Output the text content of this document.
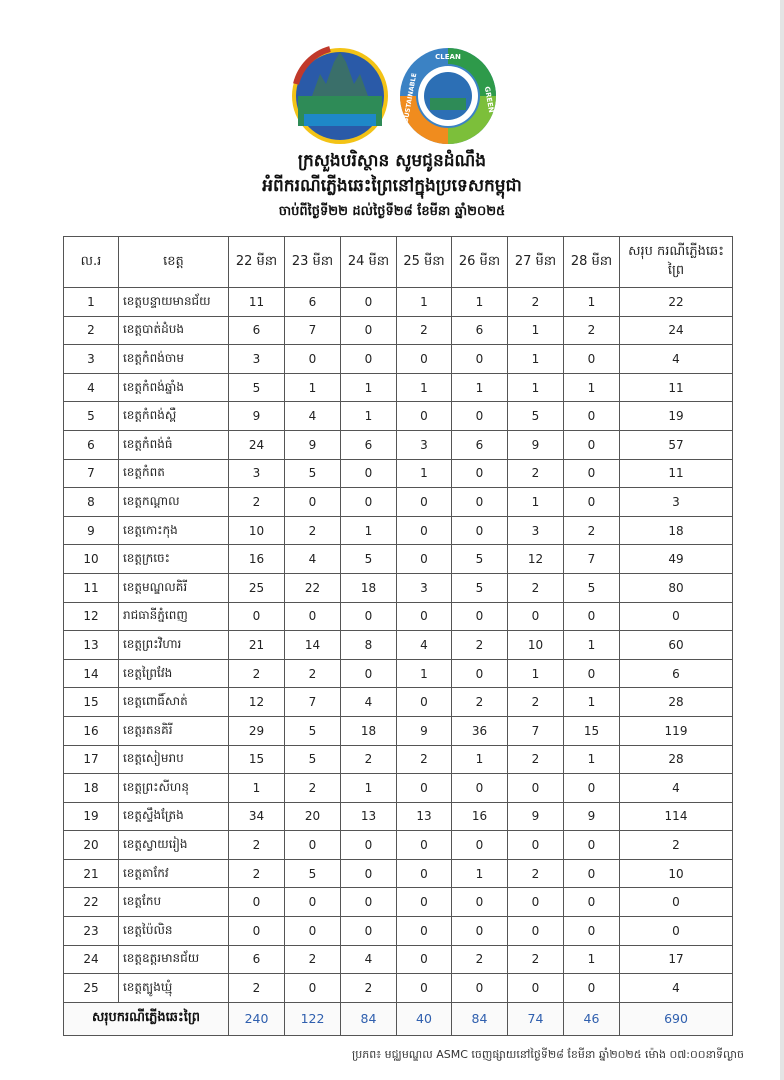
CLEAN
GREEN
SUSTAINABLE
ក្រសួងបរិស្ថាន សូមជូនដំណឹង
អំពីករណីភ្លើងឆេះព្រៃនៅក្នុងប្រទេសកម្ពុជា
ចាប់ពីថ្ងៃទី២២ ដល់ថ្ងៃទី២៨ ខែមីនា ឆ្នាំ២០២៥
ល.រ	ខេត្ត	22 មីនា	23 មីនា	24 មីនា	25 មីនា	26 មីនា	27 មីនា	28 មីនា	សរុប ករណីភ្លើងឆេះព្រៃ
1	ខេត្តបន្ទាយមានជ័យ	11	6	0	1	1	2	1	22
2	ខេត្តបាត់ដំបង	6	7	0	2	6	1	2	24
3	ខេត្តកំពង់ចាម	3	0	0	0	0	1	0	4
4	ខេត្តកំពង់ឆ្នាំង	5	1	1	1	1	1	1	11
5	ខេត្តកំពង់ស្ពឺ	9	4	1	0	0	5	0	19
6	ខេត្តកំពង់ធំ	24	9	6	3	6	9	0	57
7	ខេត្តកំពត	3	5	0	1	0	2	0	11
8	ខេត្តកណ្តាល	2	0	0	0	0	1	0	3
9	ខេត្តកោះកុង	10	2	1	0	0	3	2	18
10	ខេត្តក្រចេះ	16	4	5	0	5	12	7	49
11	ខេត្តមណ្ឌលគិរី	25	22	18	3	5	2	5	80
12	រាជធានីភ្នំពេញ	0	0	0	0	0	0	0	0
13	ខេត្តព្រះវិហារ	21	14	8	4	2	10	1	60
14	ខេត្តព្រៃវែង	2	2	0	1	0	1	0	6
15	ខេត្តពោធិ៍សាត់	12	7	4	0	2	2	1	28
16	ខេត្តរតនគិរី	29	5	18	9	36	7	15	119
17	ខេត្តសៀមរាប	15	5	2	2	1	2	1	28
18	ខេត្តព្រះសីហនុ	1	2	1	0	0	0	0	4
19	ខេត្តស្ទឹងត្រែង	34	20	13	13	16	9	9	114
20	ខេត្តស្វាយរៀង	2	0	0	0	0	0	0	2
21	ខេត្តតាកែវ	2	5	0	0	1	2	0	10
22	ខេត្តកែប	0	0	0	0	0	0	0	0
23	ខេត្តប៉ៃលិន	0	0	0	0	0	0	0	0
24	ខេត្តឧត្តរមានជ័យ	6	2	4	0	2	2	1	17
25	ខេត្តត្បូងឃ្មុំ	2	0	2	0	0	0	0	4
សរុបករណីភ្លើងឆេះព្រៃ		240	122	84	40	84	74	46	690
ប្រភព៖ មជ្ឈមណ្ឌល ASMC ចេញផ្សាយនៅថ្ងៃទី២៨ ខែមីនា ឆ្នាំ២០២៥ ម៉ោង ០៧:០០នាទីល្ងាច
